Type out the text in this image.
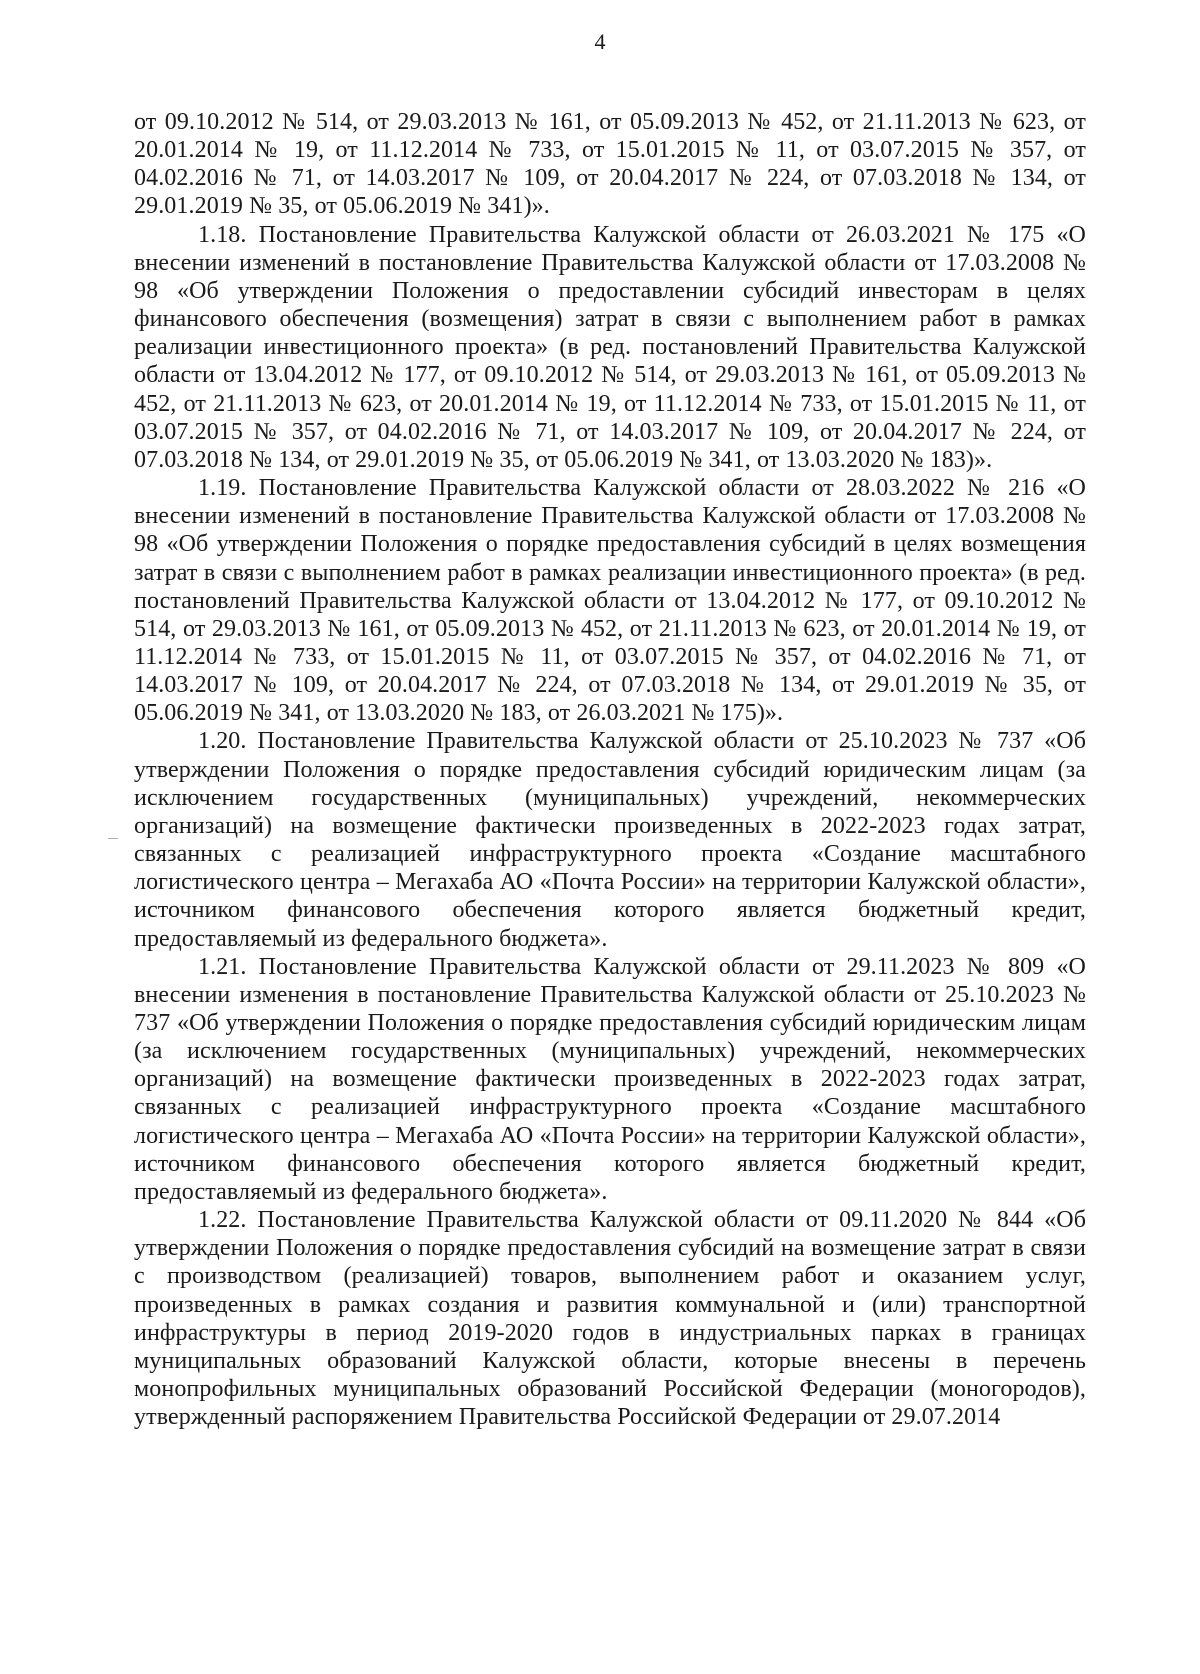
4

от 09.10.2012 № 514, от 29.03.2013 № 161, от 05.09.2013 № 452, от 21.11.2013 № 623, от 20.01.2014 № 19, от 11.12.2014 № 733, от 15.01.2015 № 11, от 03.07.2015 № 357, от 04.02.2016 № 71, от 14.03.2017 № 109, от 20.04.2017 № 224, от 07.03.2018 № 134, от 29.01.2019 № 35, от 05.06.2019 № 341)».

1.18. Постановление Правительства Калужской области от 26.03.2021 № 175 «О внесении изменений в постановление Правительства Калужской области от 17.03.2008 № 98 «Об утверждении Положения о предоставлении субсидий инвесторам в целях финансового обеспечения (возмещения) затрат в связи с выполнением работ в рамках реализации инвестиционного проекта» (в ред. постановлений Правительства Калужской области от 13.04.2012 № 177, от 09.10.2012 № 514, от 29.03.2013 № 161, от 05.09.2013 № 452, от 21.11.2013 № 623, от 20.01.2014 № 19, от 11.12.2014 № 733, от 15.01.2015 № 11, от 03.07.2015 № 357, от 04.02.2016 № 71, от 14.03.2017 № 109, от 20.04.2017 № 224, от 07.03.2018 № 134, от 29.01.2019 № 35, от 05.06.2019 № 341, от 13.03.2020 № 183)».

1.19. Постановление Правительства Калужской области от 28.03.2022 № 216 «О внесении изменений в постановление Правительства Калужской области от 17.03.2008 № 98 «Об утверждении Положения о порядке предоставления субсидий в целях возмещения затрат в связи с выполнением работ в рамках реализации инвестиционного проекта» (в ред. постановлений Правительства Калужской области от 13.04.2012 № 177, от 09.10.2012 № 514, от 29.03.2013 № 161, от 05.09.2013 № 452, от 21.11.2013 № 623, от 20.01.2014 № 19, от 11.12.2014 № 733, от 15.01.2015 № 11, от 03.07.2015 № 357, от 04.02.2016 № 71, от 14.03.2017 № 109, от 20.04.2017 № 224, от 07.03.2018 № 134, от 29.01.2019 № 35, от 05.06.2019 № 341, от 13.03.2020 № 183, от 26.03.2021 № 175)».

1.20. Постановление Правительства Калужской области от 25.10.2023 № 737 «Об утверждении Положения о порядке предоставления субсидий юридическим лицам (за исключением государственных (муниципальных) учреждений, некоммерческих организаций) на возмещение фактически произведенных в 2022-2023 годах затрат, связанных с реализацией инфраструктурного проекта «Создание масштабного логистического центра – Мегахаба АО «Почта России» на территории Калужской области», источником финансового обеспечения которого является бюджетный кредит, предоставляемый из федерального бюджета».

1.21. Постановление Правительства Калужской области от 29.11.2023 № 809 «О внесении изменения в постановление Правительства Калужской области от 25.10.2023 № 737 «Об утверждении Положения о порядке предоставления субсидий юридическим лицам (за исключением государственных (муниципальных) учреждений, некоммерческих организаций) на возмещение фактически произведенных в 2022-2023 годах затрат, связанных с реализацией инфраструктурного проекта «Создание масштабного логистического центра – Мегахаба АО «Почта России» на территории Калужской области», источником финансового обеспечения которого является бюджетный кредит, предоставляемый из федерального бюджета».

1.22. Постановление Правительства Калужской области от 09.11.2020 № 844 «Об утверждении Положения о порядке предоставления субсидий на возмещение затрат в связи с производством (реализацией) товаров, выполнением работ и оказанием услуг, произведенных в рамках создания и развития коммунальной и (или) транспортной инфраструктуры в период 2019-2020 годов в индустриальных парках в границах муниципальных образований Калужской области, которые внесены в перечень монопрофильных муниципальных образований Российской Федерации (моногородов), утвержденный распоряжением Правительства Российской Федерации от 29.07.2014
